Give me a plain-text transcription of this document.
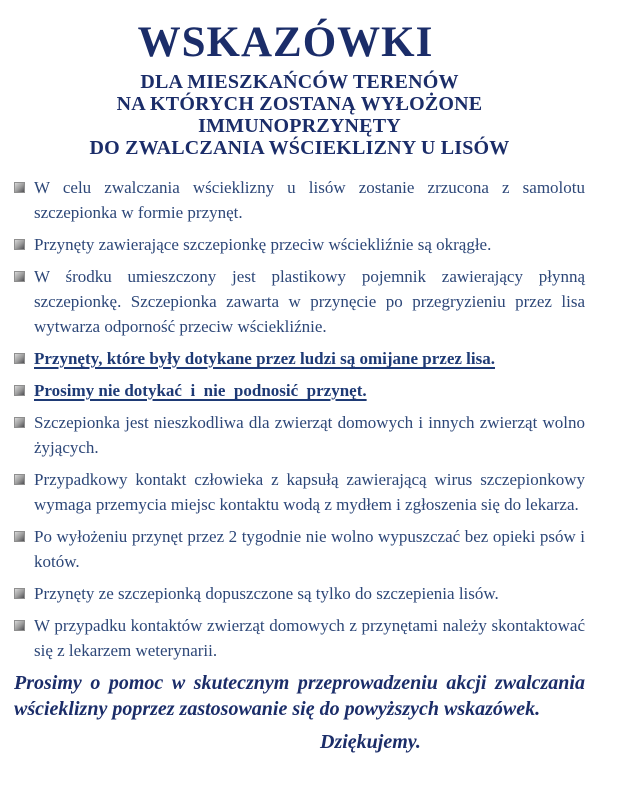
WSKAZÓWKI
DLA MIESZKAŃCÓW TERENÓW
NA KTÓRYCH ZOSTANĄ WYŁOŻONE IMMUNOPRZYNĘTY
DO ZWALCZANIA WŚCIEKLIZNY U LISÓW
W celu zwalczania wścieklizny u lisów zostanie zrzucona z samolotu szczepionka w formie przynęt.
Przynęty zawierające szczepionkę przeciw wściekliźnie są okrągłe.
W środku umieszczony jest plastikowy pojemnik zawierający płynną szczepionkę. Szczepionka zawarta w przynęcie po przegryzieniu przez lisa wytwarza odporność przeciw wściekliźnie.
Przynęty, które były dotykane przez ludzi są omijane przez lisa.
Prosimy nie dotykać  i  nie  podnosić  przynęt.
Szczepionka jest nieszkodliwa dla zwierząt domowych i innych zwierząt wolno żyjących.
Przypadkowy kontakt człowieka z kapsułą zawierającą wirus szczepionkowy wymaga przemycia miejsc kontaktu wodą z mydłem i zgłoszenia się do lekarza.
Po wyłożeniu przynęt przez 2 tygodnie nie wolno wypuszczać bez opieki psów i kotów.
Przynęty ze szczepionką dopuszczone są tylko do szczepienia lisów.
W przypadku kontaktów zwierząt domowych z przynętami należy skontaktować się z lekarzem weterynarii.

Prosimy o pomoc w skutecznym przeprowadzeniu akcji zwalczania wścieklizny poprzez zastosowanie się do powyższych wskazówek.

Dziękujemy.
